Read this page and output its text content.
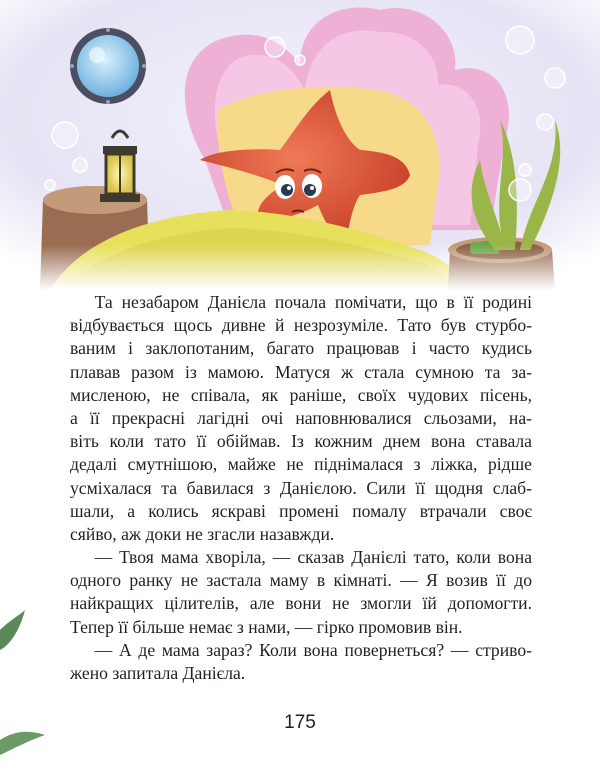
Та незабаром Данієла почала помічати, що в її родині
відбувається щось дивне й незрозуміле. Тато був стурбо-
ваним і заклопотаним, багато працював і часто кудись
плавав разом із мамою. Матуся ж стала сумною та за-
мисленою, не співала, як раніше, своїх чудових пісень,
а її прекрасні лагідні очі наповнювалися сльозами, на-
віть коли тато її обіймав. Із кожним днем вона ставала
дедалі смутнішою, майже не піднімалася з ліжка, рідше
усміхалася та бавилася з Данієлою. Сили її щодня слаб-
шали, а колись яскраві промені помалу втрачали своє
сяйво, аж доки не згасли назавжди.
— Твоя мама хворіла, — сказав Данієлі тато, коли вона
одного ранку не застала маму в кімнаті. — Я возив її до
найкращих цілителів, але вони не змогли їй допомогти.
Тепер її більше немає з нами, — гірко промовив він.
— А де мама зараз? Коли вона повернеться? — стриво-
жено запитала Данієла.
175
